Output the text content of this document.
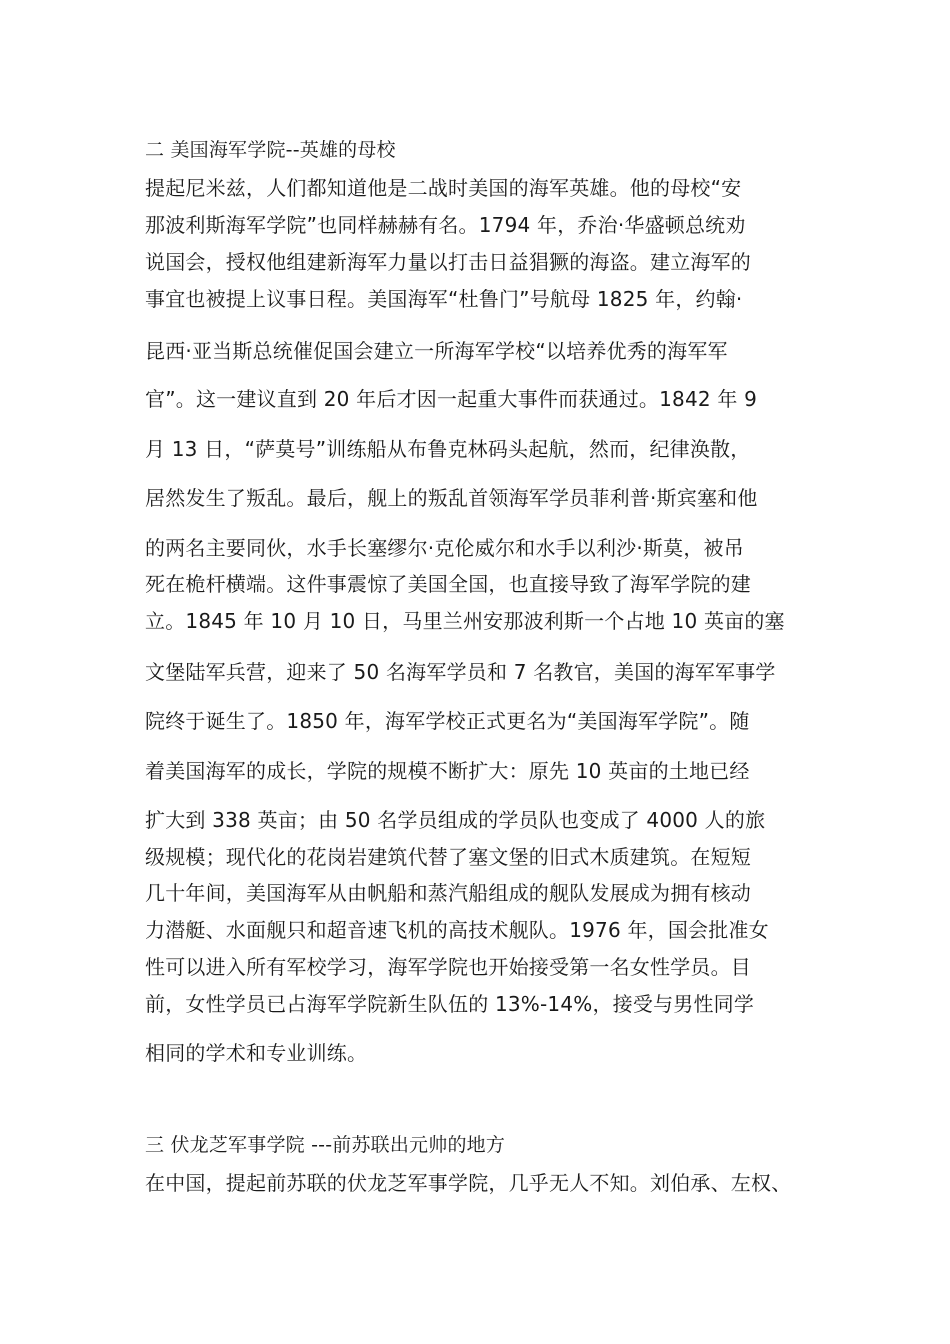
二 美国海军学院--英雄的母校
提起尼米兹，人们都知道他是二战时美国的海军英雄。他的母校“安
那波利斯海军学院”也同样赫赫有名。1794 年，乔治·华盛顿总统劝
说国会，授权他组建新海军力量以打击日益猖獗的海盗。建立海军的
事宜也被提上议事日程。美国海军“杜鲁门”号航母 1825 年，约翰·
昆西·亚当斯总统催促国会建立一所海军学校“以培养优秀的海军军
官”。这一建议直到 20 年后才因一起重大事件而获通过。1842 年 9
月 13 日，“萨莫号”训练船从布鲁克林码头起航，然而，纪律涣散，
居然发生了叛乱。最后，舰上的叛乱首领海军学员菲利普·斯宾塞和他
的两名主要同伙，水手长塞缪尔·克伦威尔和水手以利沙·斯莫，被吊
死在桅杆横端。这件事震惊了美国全国，也直接导致了海军学院的建
立。1845 年 10 月 10 日，马里兰州安那波利斯一个占地 10 英亩的塞
文堡陆军兵营，迎来了 50 名海军学员和 7 名教官，美国的海军军事学
院终于诞生了。1850 年，海军学校正式更名为“美国海军学院”。随
着美国海军的成长，学院的规模不断扩大：原先 10 英亩的土地已经
扩大到 338 英亩；由 50 名学员组成的学员队也变成了 4000 人的旅
级规模；现代化的花岗岩建筑代替了塞文堡的旧式木质建筑。在短短
几十年间，美国海军从由帆船和蒸汽船组成的舰队发展成为拥有核动
力潜艇、水面舰只和超音速飞机的高技术舰队。1976 年，国会批准女
性可以进入所有军校学习，海军学院也开始接受第一名女性学员。目
前，女性学员已占海军学院新生队伍的 13%-14%，接受与男性同学
相同的学术和专业训练。
三 伏龙芝军事学院 ---前苏联出元帅的地方
在中国，提起前苏联的伏龙芝军事学院，几乎无人不知。刘伯承、左权、
